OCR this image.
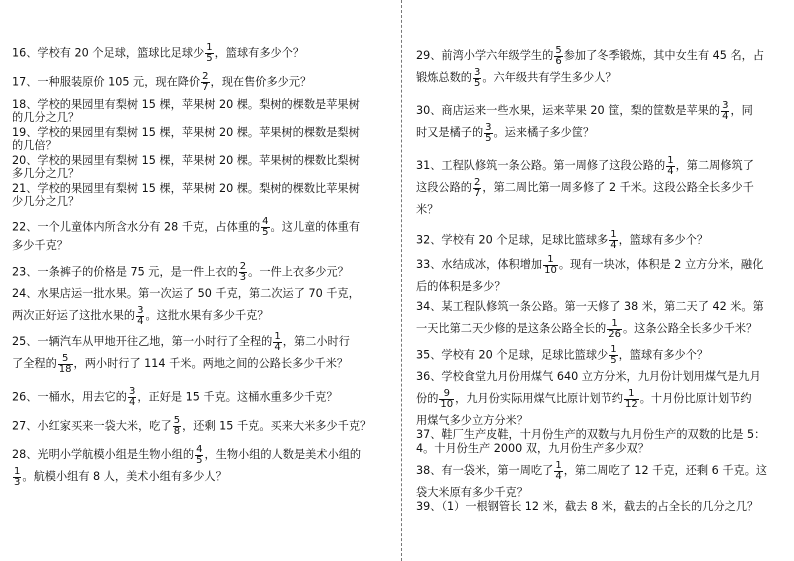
16、学校有 20 个足球，篮球比足球少 $\frac{1}{5}$ ，篮球有多少个？
17、一种服装原价 105 元，现在降价 $\frac{2}{7}$ ，现在售价多少元？
18、学校的果园里有梨树 15 棵，苹果树 20 棵。梨树的棵数是苹果树
的几分之几？
19、学校的果园里有梨树 15 棵，苹果树 20 棵。苹果树的棵数是梨树
的几倍？
20、学校的果园里有梨树 15 棵，苹果树 20 棵。苹果树的棵数比梨树
多几分之几？
21、学校的果园里有梨树 15 棵，苹果树 20 棵。梨树的棵数比苹果树
少几分之几？
22、一个儿童体内所含水分有 28 千克，占体重的 $\frac{4}{5}$ 。这儿童的体重有
多少千克？
23、一条裤子的价格是 75 元，是一件上衣的 $\frac{2}{3}$ 。一件上衣多少元？
24、水果店运一批水果。第一次运了 50 千克，第二次运了 70 千克，
两次正好运了这批水果的 $\frac{3}{4}$ 。这批水果有多少千克？
25、一辆汽车从甲地开往乙地，第一小时行了全程的 $\frac{1}{4}$ ，第二小时行
了全程的 $\frac{5}{18}$ ，两小时行了 114 千米。两地之间的公路长多少千米？
26、一桶水，用去它的 $\frac{3}{4}$ ，正好是 15 千克。这桶水重多少千克？
27、小红家买来一袋大米，吃了 $\frac{5}{8}$ ，还剩 15 千克。买来大米多少千克？
28、光明小学航模小组是生物小组的 $\frac{4}{5}$ ，生物小组的人数是美术小组的
$\frac{1}{3}$ 。航模小组有 8 人，美术小组有多少人？
29、前湾小学六年级学生的 $\frac{5}{6}$ 参加了冬季锻炼，其中女生有 45 名，占
锻炼总数的 $\frac{3}{5}$ 。六年级共有学生多少人？
30、商店运来一些水果，运来苹果 20 筐，梨的筐数是苹果的 $\frac{3}{4}$ ，同
时又是橘子的 $\frac{3}{5}$ 。运来橘子多少筐？
31、工程队修筑一条公路。第一周修了这段公路的 $\frac{1}{4}$ ，第二周修筑了
这段公路的 $\frac{2}{7}$ ，第二周比第一周多修了 2 千米。这段公路全长多少千
米？
32、学校有 20 个足球，足球比篮球多 $\frac{1}{4}$ ，篮球有多少个？
33、水结成冰，体积增加 $\frac{1}{10}$ 。现有一块冰，体积是 2 立方分米，融化
后的体积是多少？
34、某工程队修筑一条公路。第一天修了 38 米，第二天了 42 米。第
一天比第二天少修的是这条公路全长的 $\frac{1}{26}$ 。这条公路全长多少千米？
35、学校有 20 个足球，足球比篮球少 $\frac{1}{5}$ ，篮球有多少个？
36、学校食堂九月份用煤气 640 立方分米，九月份计划用煤气是九月
份的 $\frac{9}{10}$ ，九月份实际用煤气比原计划节约 $\frac{1}{12}$ 。十月份比原计划节约
用煤气多少立方分米？
37、鞋厂生产皮鞋，十月份生产的双数与九月份生产的双数的比是 5：
4。十月份生产 2000 双，九月份生产多少双？
38、有一袋米，第一周吃了 $\frac{1}{4}$ ，第二周吃了 12 千克，还剩 6 千克。这
袋大米原有多少千克？
39、（1）一根钢管长 12 米，截去 8 米，截去的占全长的几分之几？
